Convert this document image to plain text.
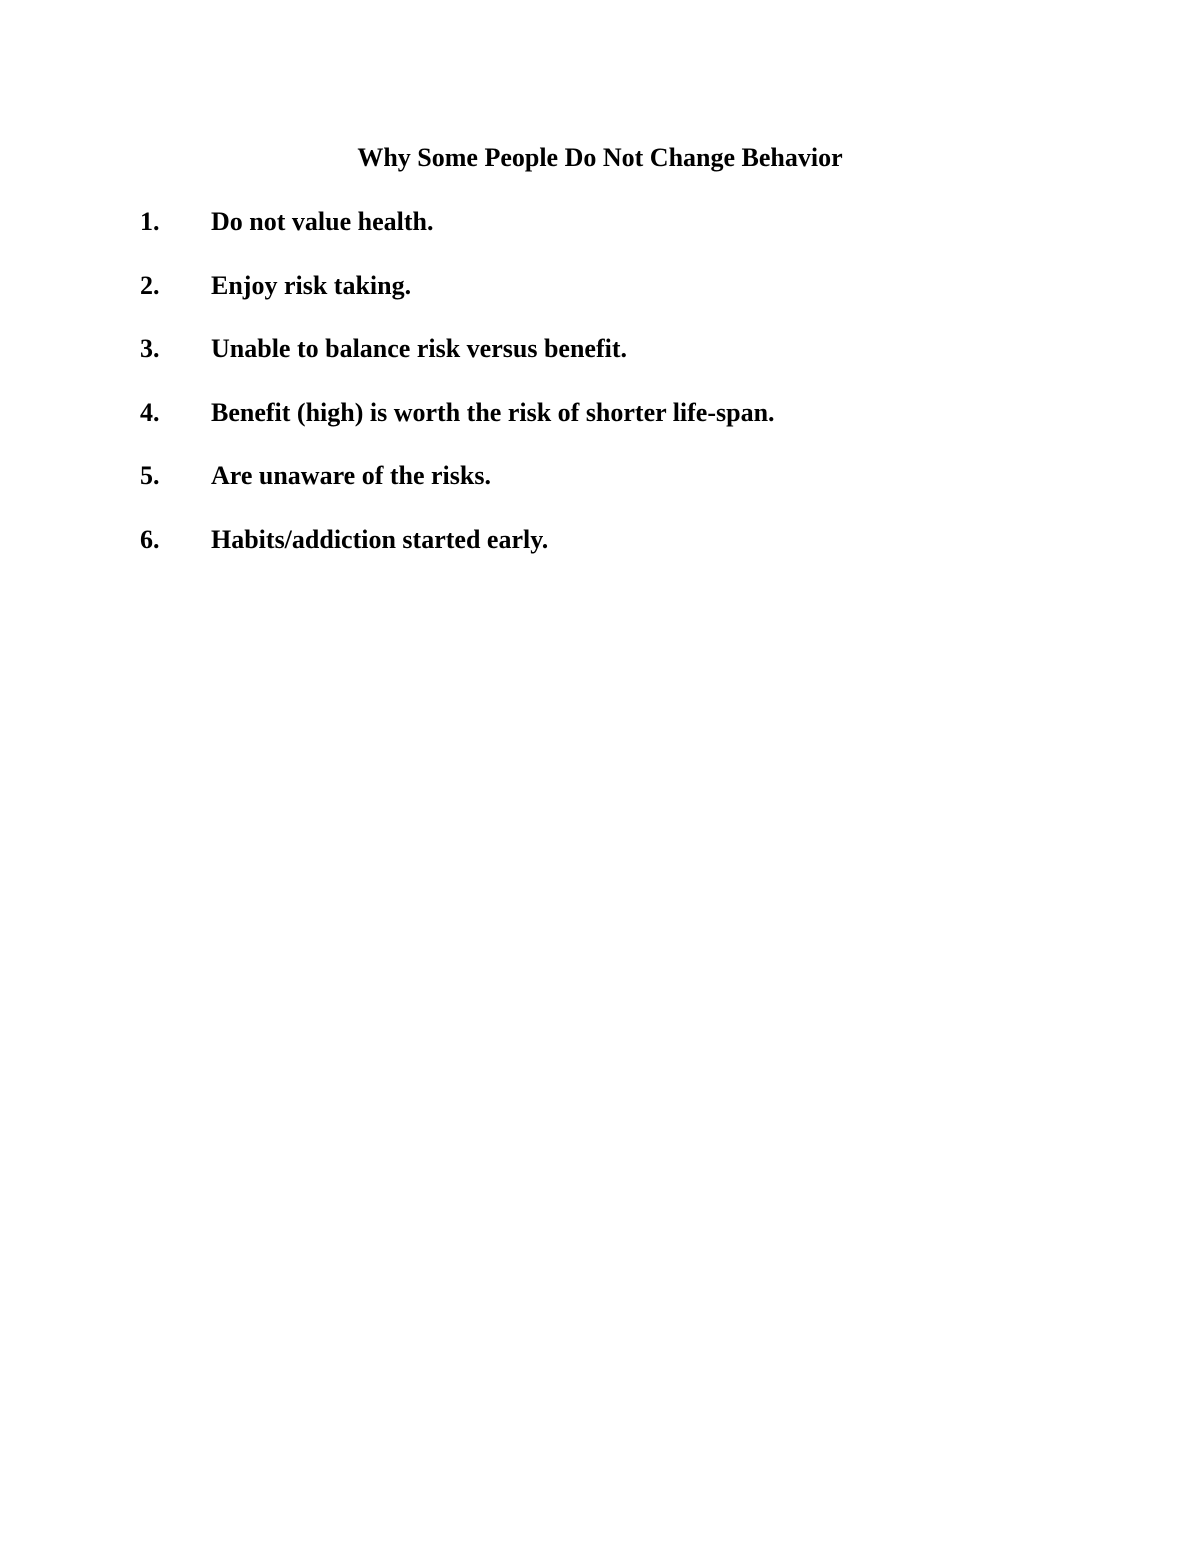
Why Some People Do Not Change Behavior
1.	Do not value health.
2.	Enjoy risk taking.
3.	Unable to balance risk versus benefit.
4.	Benefit (high) is worth the risk of shorter life-span.
5.	Are unaware of the risks.
6.	Habits/addiction started early.
